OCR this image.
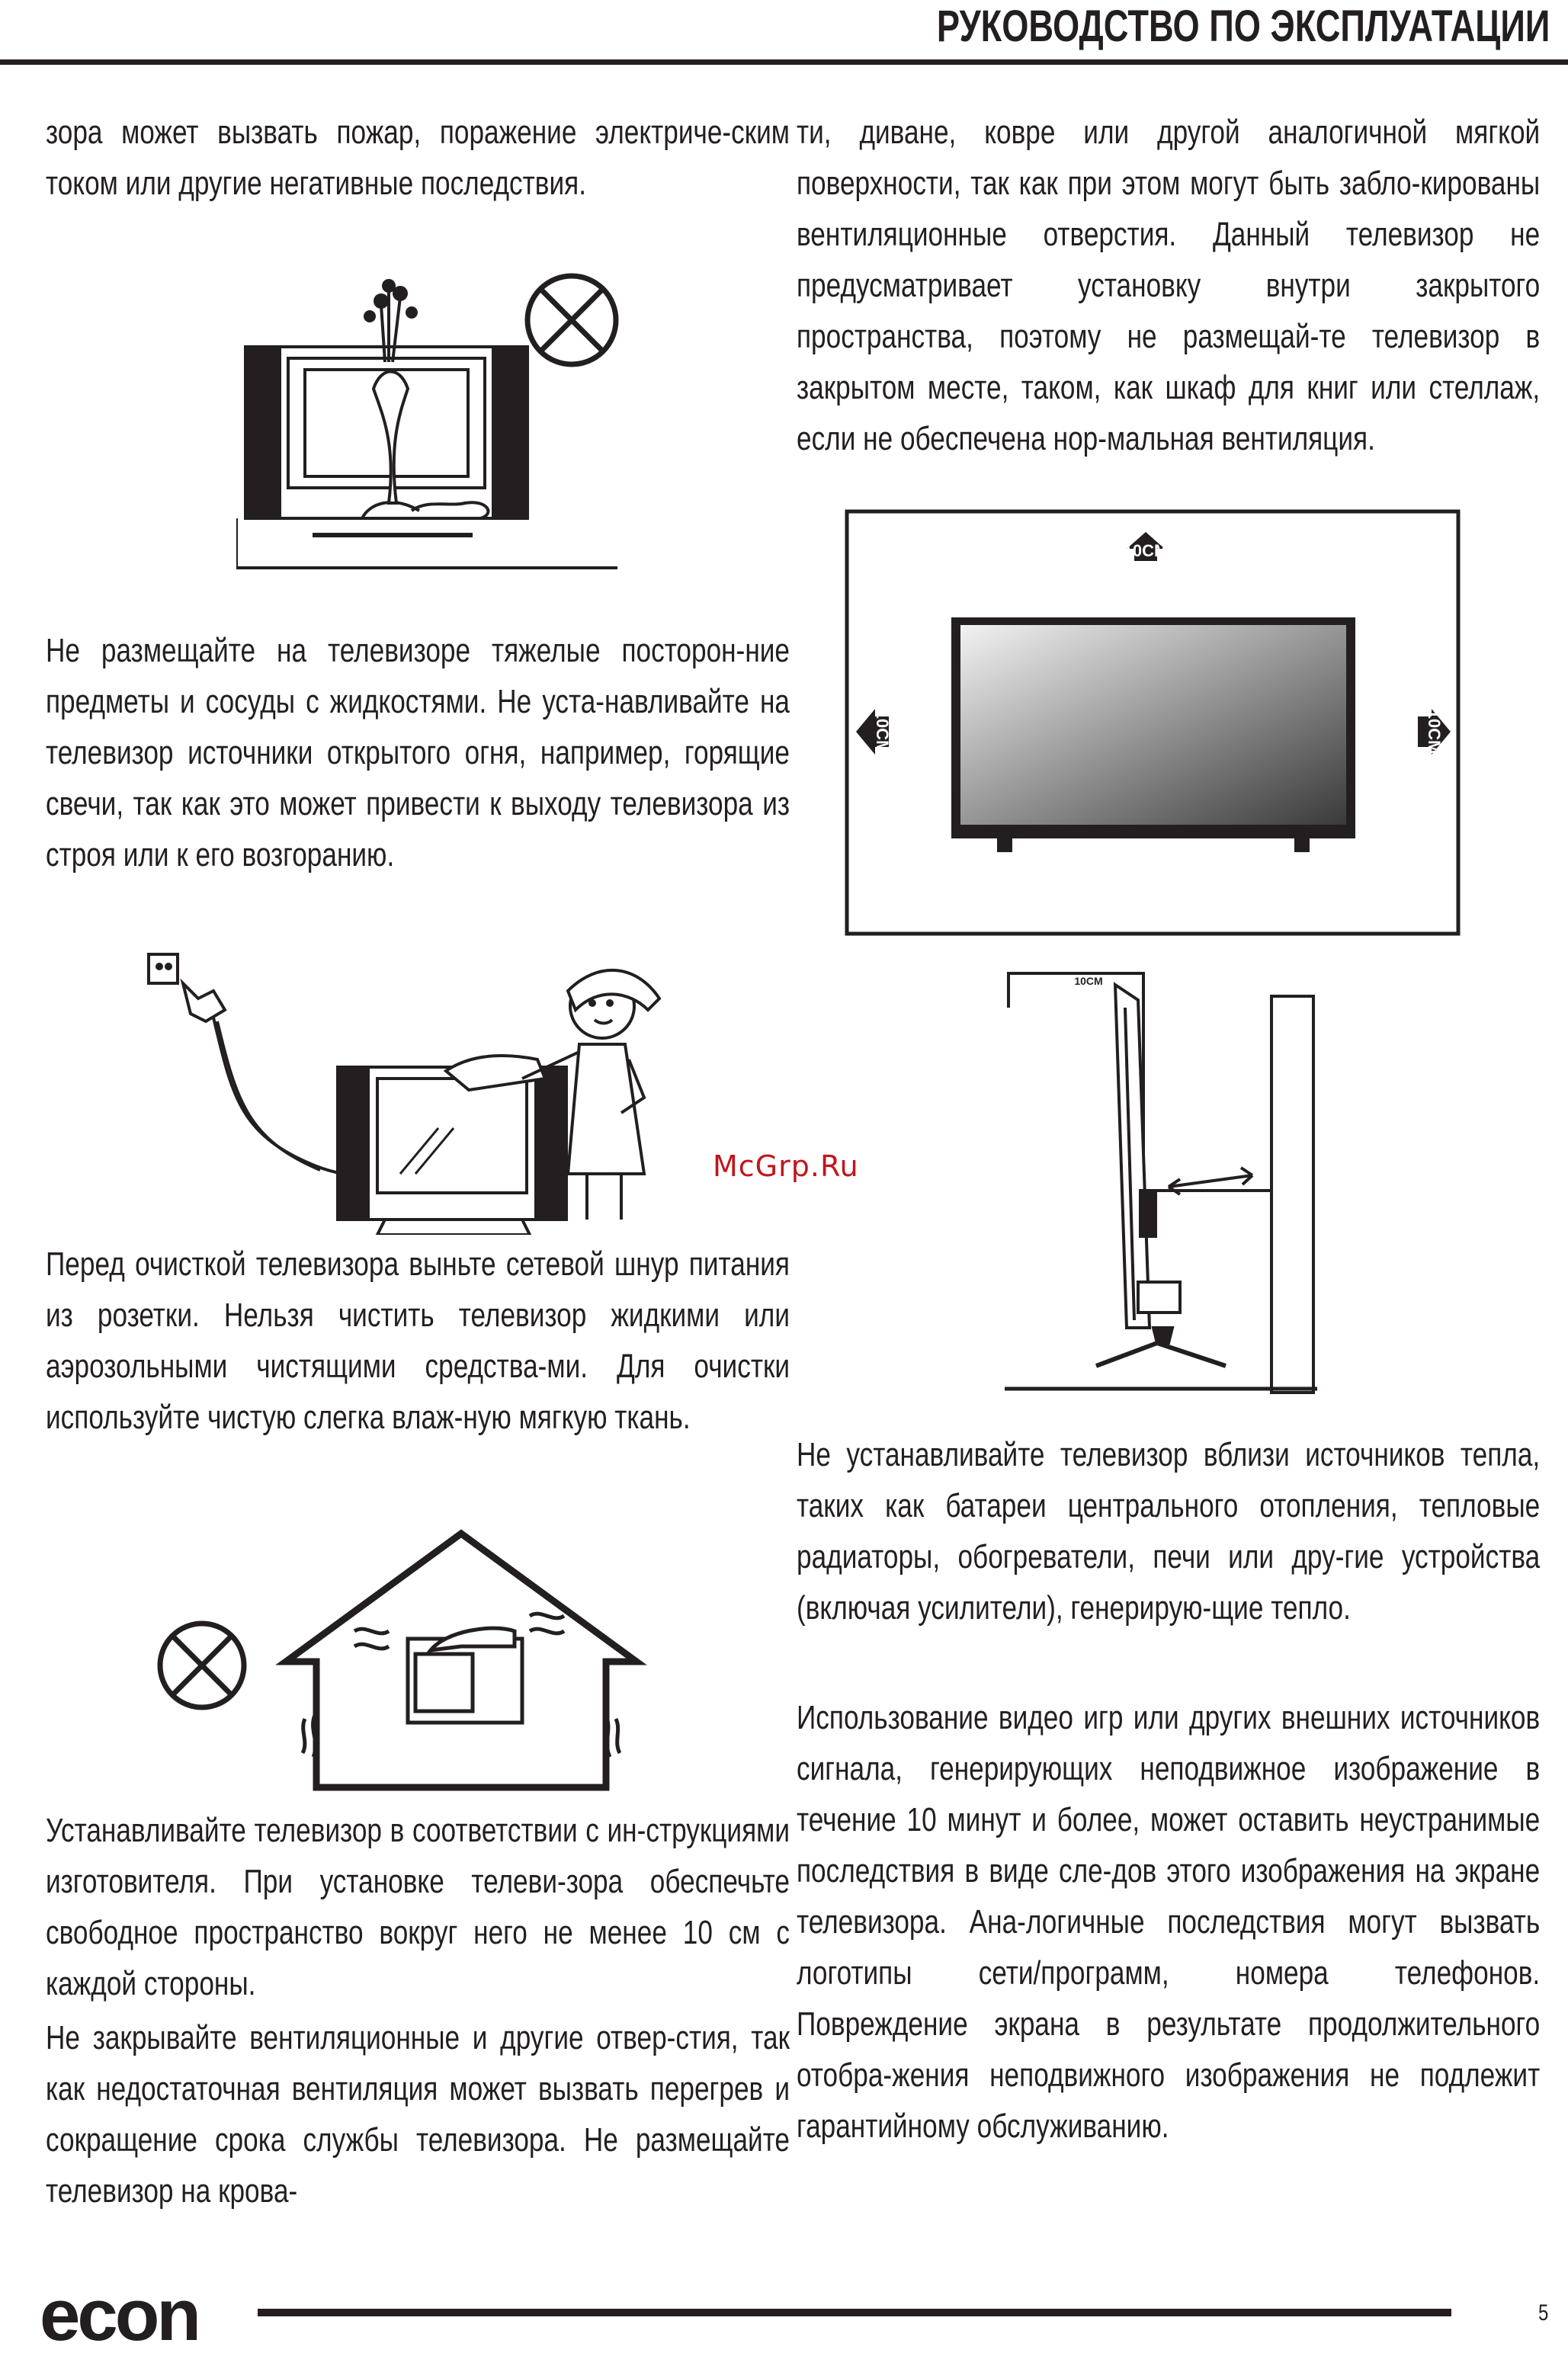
РУКОВОДСТВО ПО ЭКСПЛУАТАЦИИ
зора может вызвать пожар, поражение электриче-ским током или другие негативные последствия.
Не размещайте на телевизоре тяжелые посторон-ние предметы и сосуды с жидкостями. Не уста-навливайте на телевизор источники открытого огня, например, горящие свечи, так как это может привести к выходу телевизора из строя или к его возгоранию.
Перед очисткой телевизора выньте сетевой шнур питания из розетки. Нельзя чистить телевизор жидкими или аэрозольными чистящими средства-ми. Для очистки используйте чистую слегка влаж-ную мягкую ткань.
Устанавливайте телевизор в соответствии с ин-струкциями изготовителя. При установке телеви-зора обеспечьте свободное пространство вокруг него не менее 10 см с каждой стороны.
Не закрывайте вентиляционные и другие отвер-стия, так как недостаточная вентиляция может вызвать перегрев и сокращение срока службы телевизора. Не размещайте телевизор на крова-
ти, диване, ковре или другой аналогичной мягкой поверхности, так как при этом могут быть забло-кированы вентиляционные отверстия. Данный телевизор не предусматривает установку внутри закрытого пространства, поэтому не размещай-те телевизор в закрытом месте, таком, как шкаф для книг или стеллаж, если не обеспечена нор-мальная вентиляция.
Не устанавливайте телевизор вблизи источников тепла, таких как батареи центрального отопления, тепловые радиаторы, обогреватели, печи или дру-гие устройства (включая усилители), генерирую-щие тепло.
Использование видео игр или других внешних источников сигнала, генерирующих неподвижное изображение в течение 10 минут и более, может оставить неустранимые последствия в виде сле-дов этого изображения на экране телевизора. Ана-логичные последствия могут вызвать логотипы сети/программ, номера телефонов. Повреждение экрана в результате продолжительного отобра-жения неподвижного изображения не подлежит гарантийному обслуживанию.
McGrp.Ru
10CM
10CM	10CM
10CM
econ	5
